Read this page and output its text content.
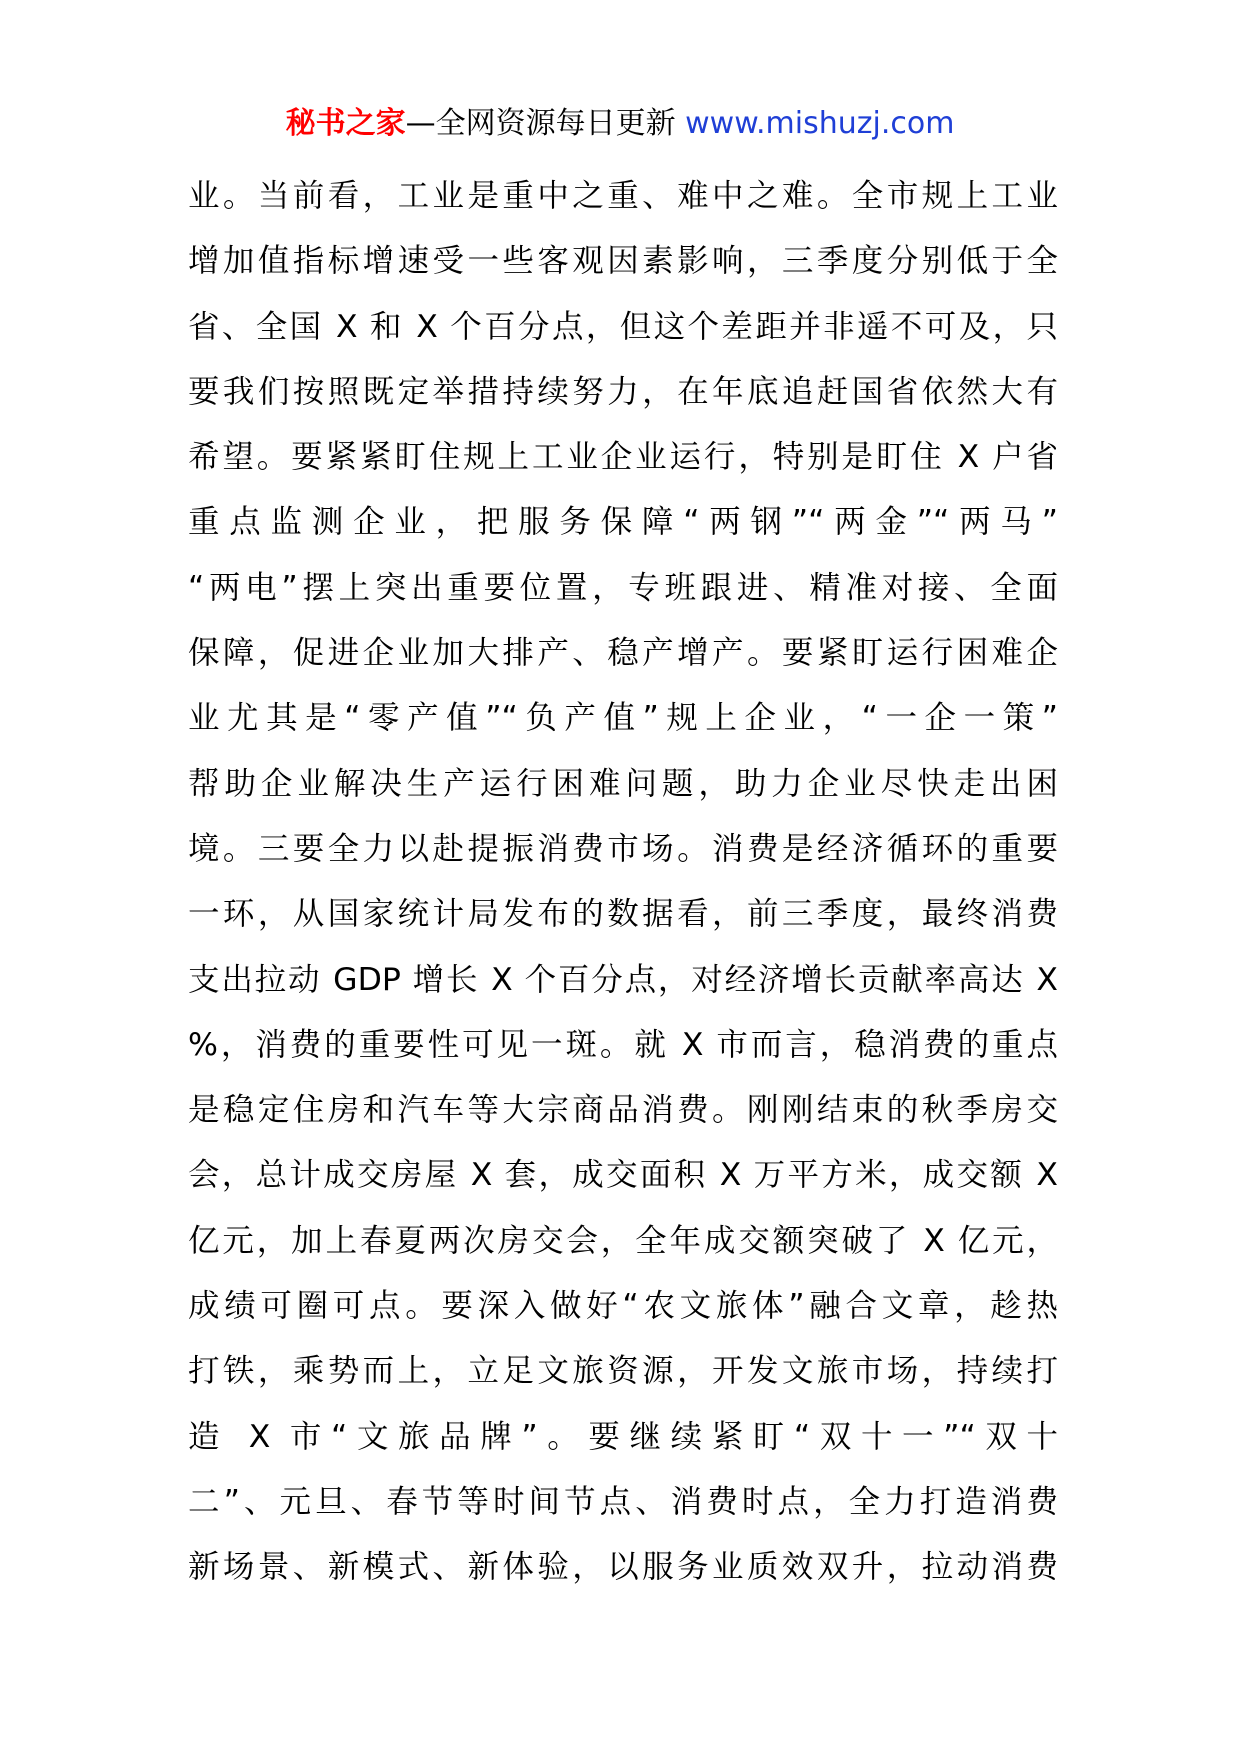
秘书之家—全网资源每日更新 www.mishuzj.com
业。当前看，工业是重中之重、难中之难。全市规上工业
增加值指标增速受一些客观因素影响，三季度分别低于全
省、全国 X 和 X 个百分点，但这个差距并非遥不可及，只
要我们按照既定举措持续努力，在年底追赶国省依然大有
希望。要紧紧盯住规上工业企业运行，特别是盯住 X 户省
重点监测企业，把服务保障“两钢”“两金”“两马”
“两电”摆上突出重要位置，专班跟进、精准对接、全面
保障，促进企业加大排产、稳产增产。要紧盯运行困难企
业尤其是“零产值”“负产值”规上企业，“一企一策”
帮助企业解决生产运行困难问题，助力企业尽快走出困
境。三要全力以赴提振消费市场。消费是经济循环的重要
一环，从国家统计局发布的数据看，前三季度，最终消费
支出拉动 GDP 增长 X 个百分点，对经济增长贡献率高达 X
%，消费的重要性可见一斑。就 X 市而言，稳消费的重点
是稳定住房和汽车等大宗商品消费。刚刚结束的秋季房交
会，总计成交房屋 X 套，成交面积 X 万平方米，成交额 X
亿元，加上春夏两次房交会，全年成交额突破了 X 亿元，
成绩可圈可点。要深入做好“农文旅体”融合文章，趁热
打铁，乘势而上，立足文旅资源，开发文旅市场，持续打
造 X 市“文旅品牌”。要继续紧盯“双十一”“双十
二”、元旦、春节等时间节点、消费时点，全力打造消费
新场景、新模式、新体验，以服务业质效双升，拉动消费
